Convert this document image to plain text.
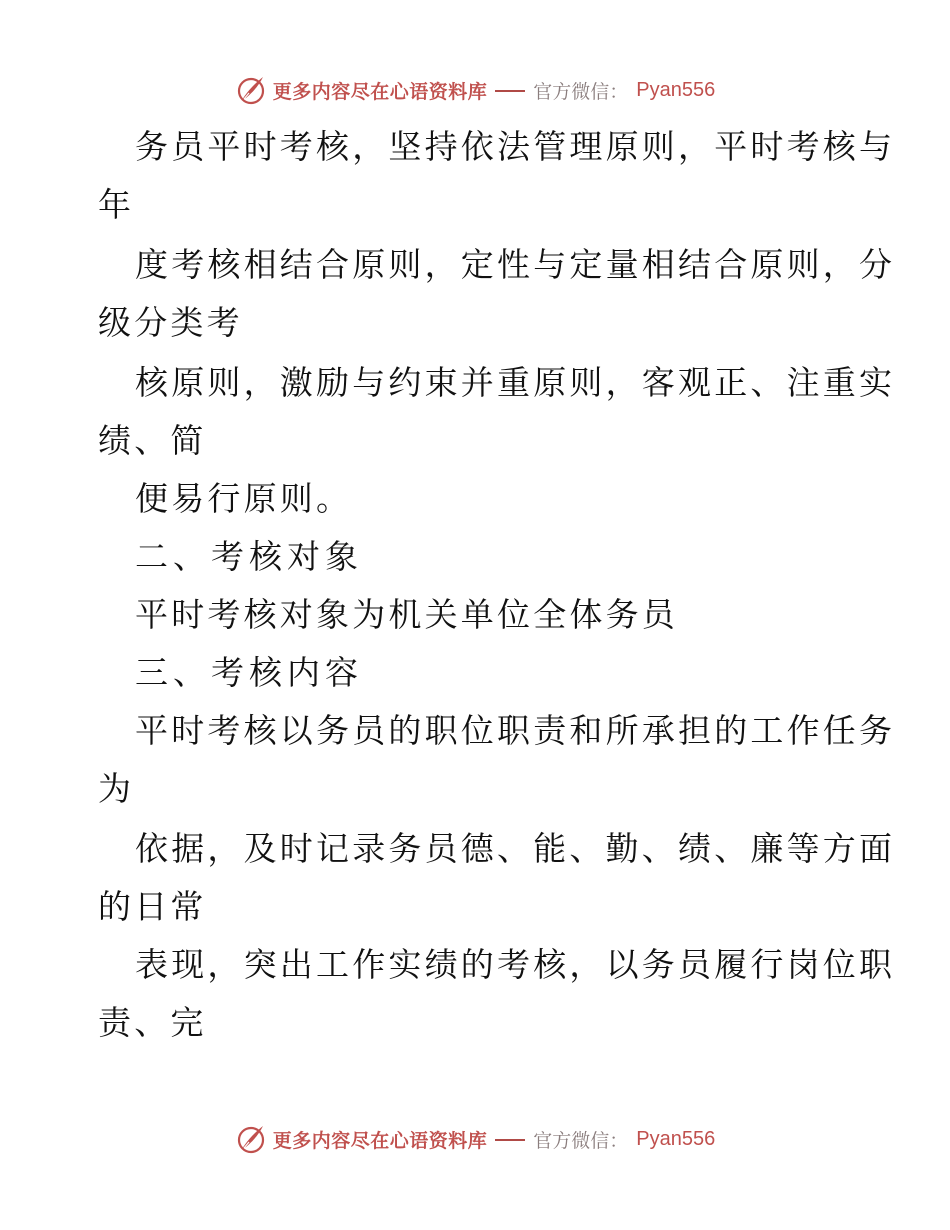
更多内容尽在心语资料库 官方微信： Pyan556
务员平时考核，坚持依法管理原则，平时考核与
年
度考核相结合原则，定性与定量相结合原则，分
级分类考
核原则，激励与约束并重原则，客观正、注重实
绩、简
便易行原则。
二、考核对象
平时考核对象为机关单位全体务员
三、考核内容
平时考核以务员的职位职责和所承担的工作任务
为
依据，及时记录务员德、能、勤、绩、廉等方面
的日常
表现，突出工作实绩的考核，以务员履行岗位职
责、完
更多内容尽在心语资料库 官方微信： Pyan556
